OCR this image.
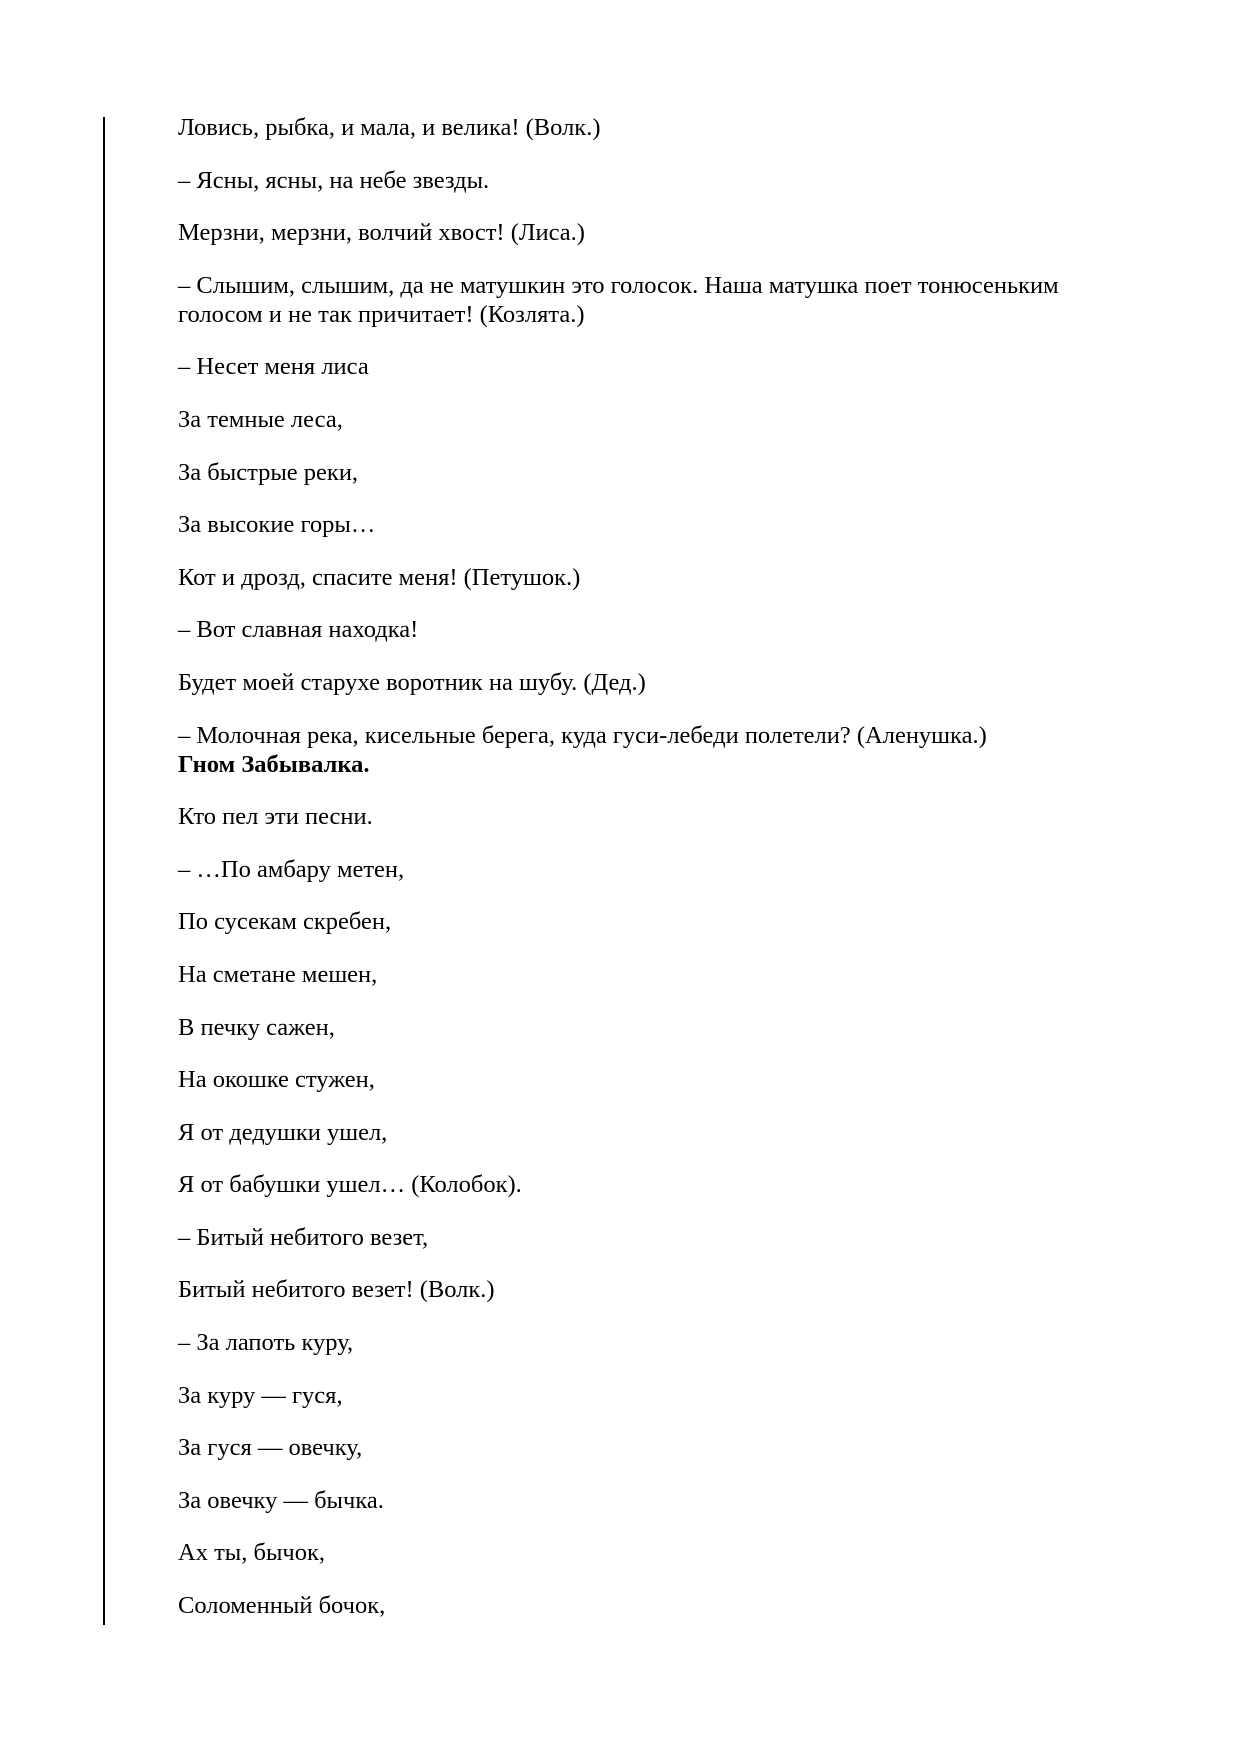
Ловись, рыбка, и мала, и велика! (Волк.)

– Ясны, ясны, на небе звезды.

Мерзни, мерзни, волчий хвост! (Лиса.)

– Слышим, слышим, да не матушкин это голосок. Наша матушка поет тонюсеньким голосом и не так причитает! (Козлята.)

– Несет меня лиса

За темные леса,

За быстрые реки,

За высокие горы…

Кот и дрозд, спасите меня! (Петушок.)

– Вот славная находка!

Будет моей старухе воротник на шубу. (Дед.)

– Молочная река, кисельные берега, куда гуси-лебеди полетели? (Аленушка.)

Гном Забывалка.

Кто пел эти песни.

– …По амбару метен,

По сусекам скребен,

На сметане мешен,

В печку сажен,

На окошке стужен,

Я от дедушки ушел,

Я от бабушки ушел… (Колобок).

– Битый небитого везет,

Битый небитого везет! (Волк.)

– За лапоть куру,

За куру — гуся,

За гуся — овечку,

За овечку — бычка.

Ах ты, бычок,

Соломенный бочок,
